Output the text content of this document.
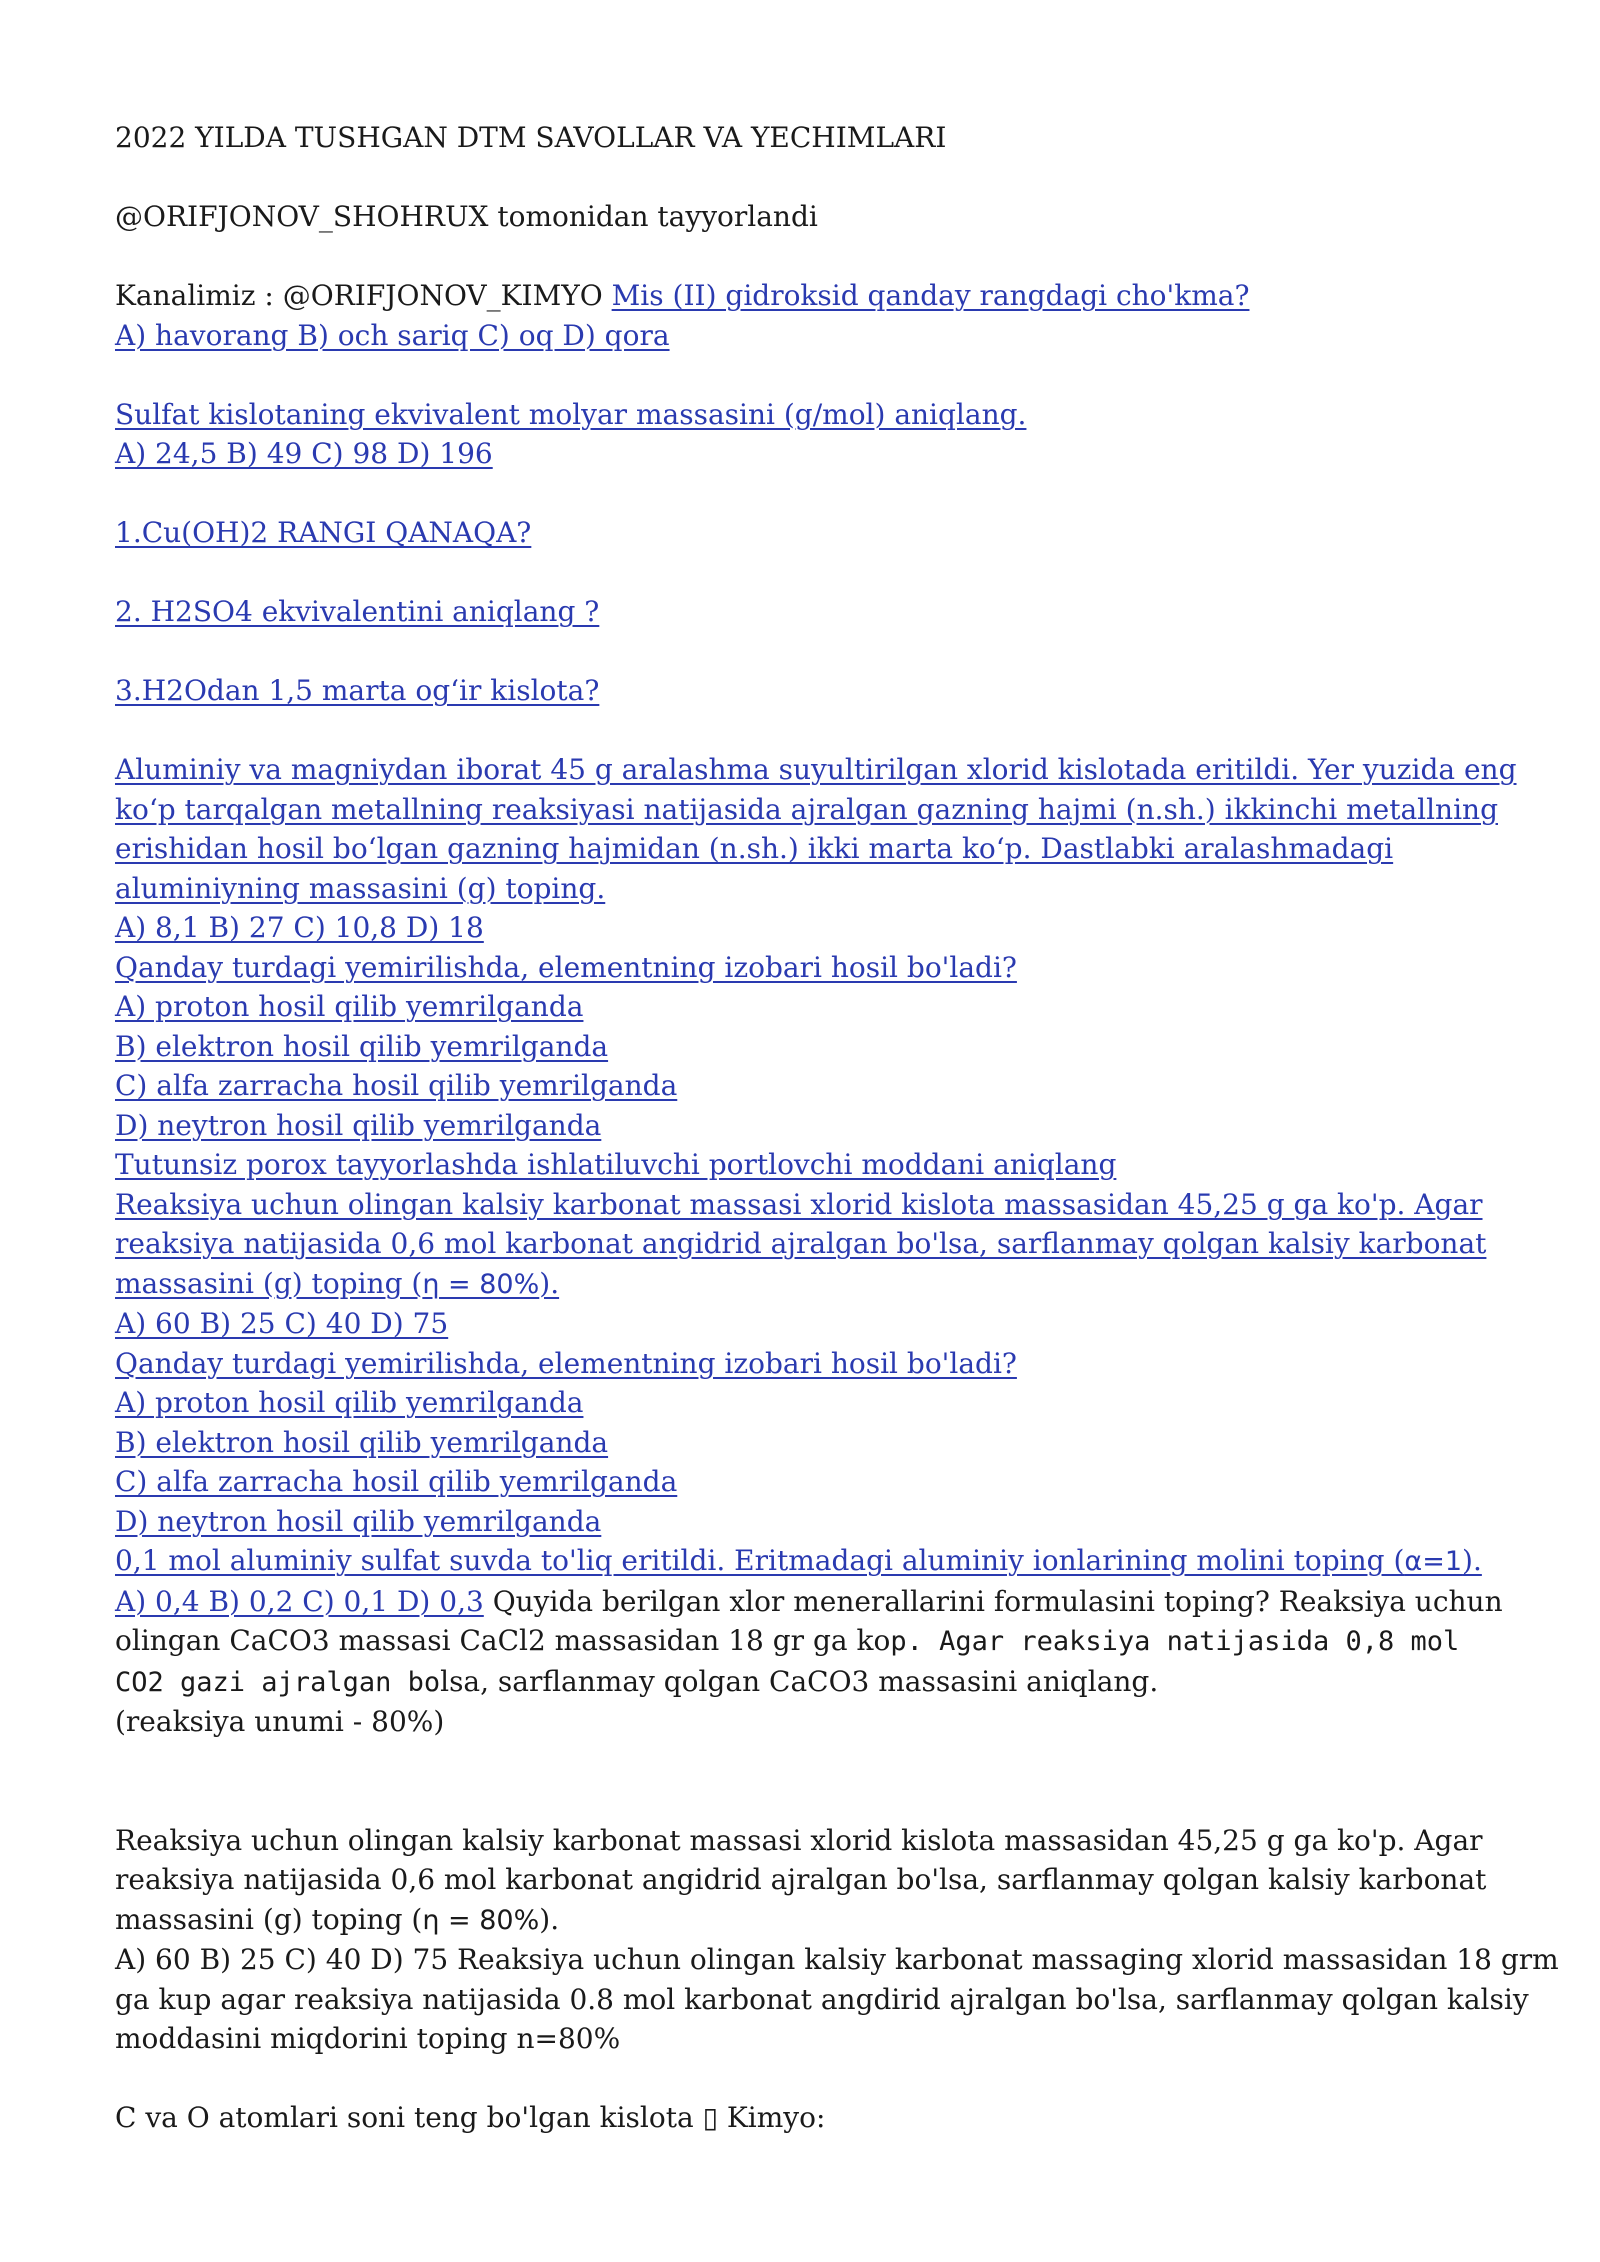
2022 YILDA TUSHGAN DTM SAVOLLAR VA YECHIMLARI
@ORIFJONOV_SHOHRUX tomonidan tayyorlandi
Kanalimiz : @ORIFJONOV_KIMYO Mis (II) gidroksid qanday rangdagi cho'kma?
A) havorang B) och sariq C) oq D) qora
Sulfat kislotaning ekvivalent molyar massasini (g/mol) aniqlang.
A) 24,5 B) 49 C) 98 D) 196
1.Cu(OH)2 RANGI QANAQA?
2. H2SO4 ekvivalentini aniqlang ?
3.H2Odan 1,5 marta og‘ir kislota?
Aluminiy va magniydan iborat 45 g aralashma suyultirilgan xlorid kislotada eritildi. Yer yuzida eng
ko‘p tarqalgan metallning reaksiyasi natijasida ajralgan gazning hajmi (n.sh.) ikkinchi metallning
erishidan hosil bo‘lgan gazning hajmidan (n.sh.) ikki marta ko‘p. Dastlabki aralashmadagi
aluminiyning massasini (g) toping.
A) 8,1 B) 27 C) 10,8 D) 18
Qanday turdagi yemirilishda, elementning izobari hosil bo'ladi?
A) proton hosil qilib yemrilganda
B) elektron hosil qilib yemrilganda
C) alfa zarracha hosil qilib yemrilganda
D) neytron hosil qilib yemrilganda
Tutunsiz porox tayyorlashda ishlatiluvchi portlovchi moddani aniqlang
Reaksiya uchun olingan kalsiy karbonat massasi xlorid kislota massasidan 45,25 g ga ko'p. Agar
reaksiya natijasida 0,6 mol karbonat angidrid ajralgan bo'lsa, sarflanmay qolgan kalsiy karbonat
massasini (g) toping (η = 80%).
A) 60 B) 25 C) 40 D) 75
Qanday turdagi yemirilishda, elementning izobari hosil bo'ladi?
A) proton hosil qilib yemrilganda
B) elektron hosil qilib yemrilganda
C) alfa zarracha hosil qilib yemrilganda
D) neytron hosil qilib yemrilganda
0,1 mol aluminiy sulfat suvda to'liq eritildi. Eritmadagi aluminiy ionlarining molini toping (α=1).
A) 0,4 B) 0,2 C) 0,1 D) 0,3 Quyida berilgan xlor menerallarini formulasini toping? Reaksiya uchun
olingan CaCO3 massasi CaCl2 massasidan 18 gr ga kop. Agar reaksiya natijasida 0,8 mol
CO2 gazi ajralgan bolsa, sarflanmay qolgan CaCO3 massasini aniqlang.
(reaksiya unumi - 80%)
Reaksiya uchun olingan kalsiy karbonat massasi xlorid kislota massasidan 45,25 g ga ko'p. Agar
reaksiya natijasida 0,6 mol karbonat angidrid ajralgan bo'lsa, sarflanmay qolgan kalsiy karbonat
massasini (g) toping (η = 80%).
A) 60 B) 25 C) 40 D) 75 Reaksiya uchun olingan kalsiy karbonat massaging xlorid massasidan 18 grm
ga kup agar reaksiya natijasida 0.8 mol karbonat angdirid ajralgan bo'lsa, sarflanmay qolgan kalsiy
moddasini miqdorini toping n=80%
C va O atomlari soni teng bo'lgan kislota ▯ Kimyo:
